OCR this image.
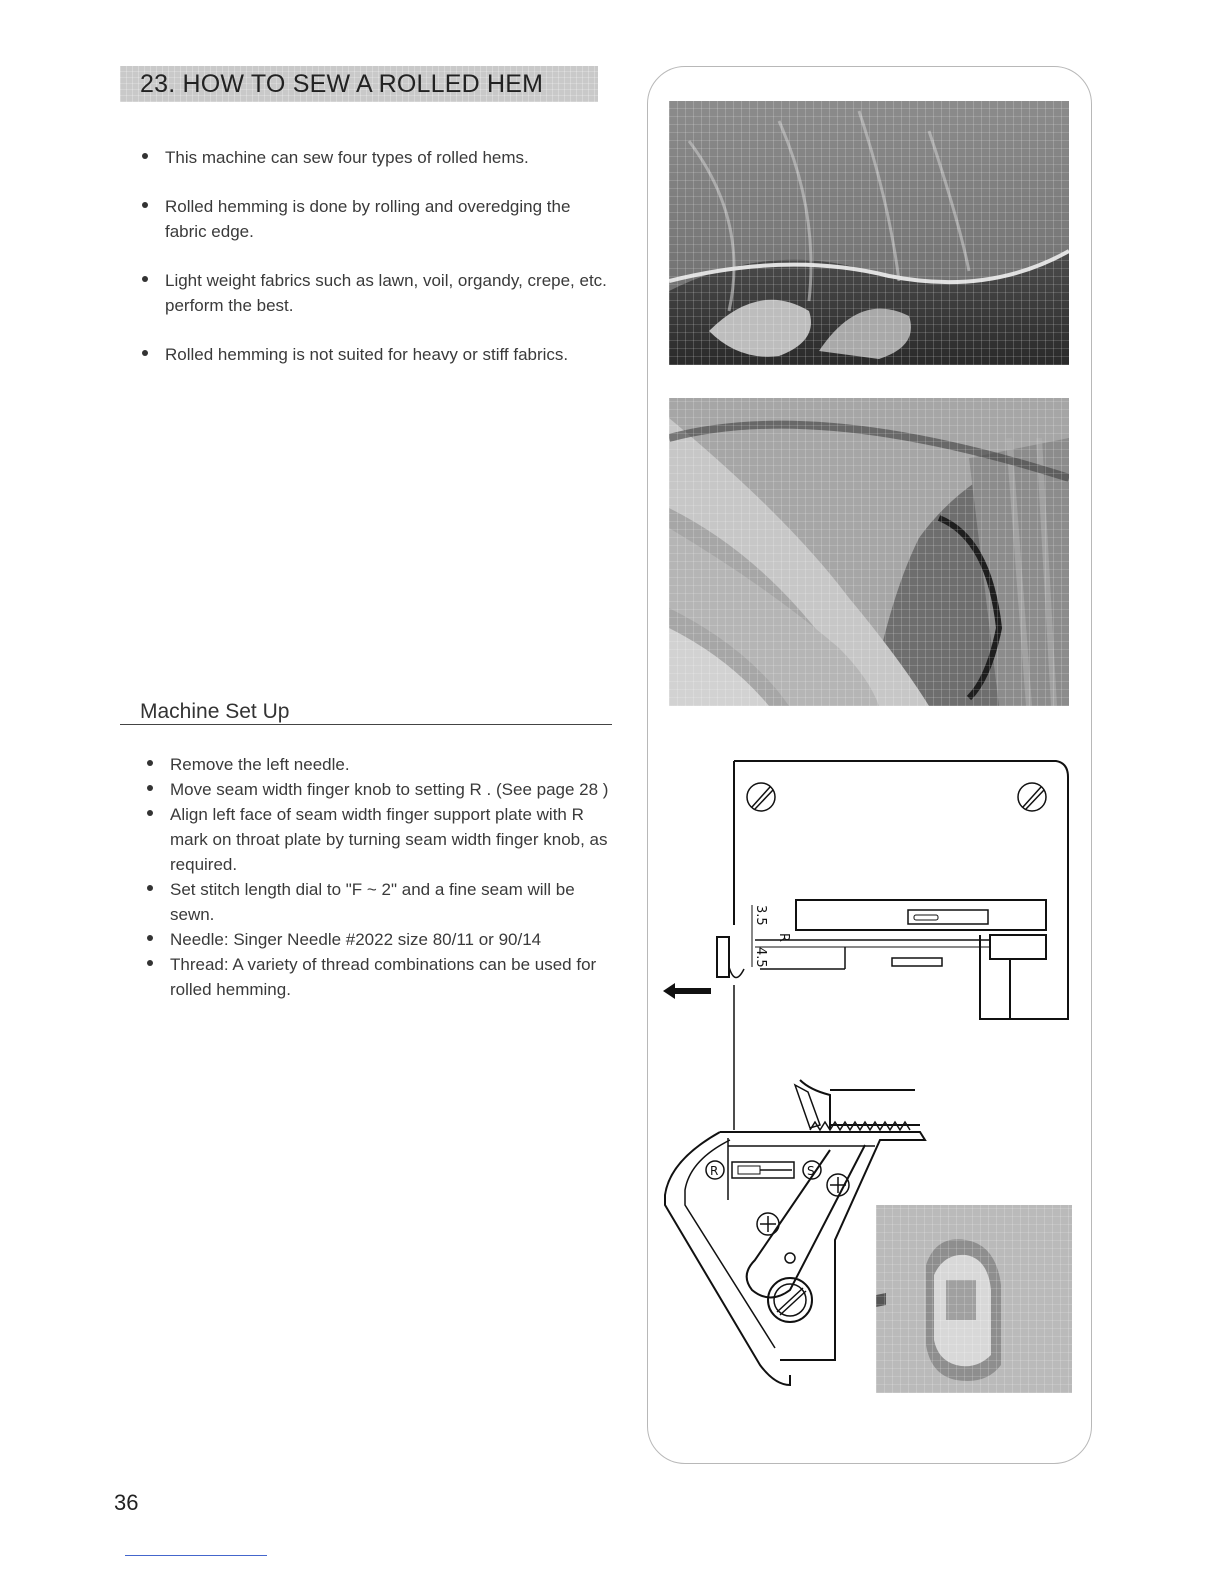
23. HOW TO SEW A ROLLED HEM
This machine can sew four types of rolled hems.
Rolled hemming is done by rolling and overedging the fabric edge.
Light weight fabrics such as lawn, voil, organdy, crepe, etc. perform the best.
Rolled hemming is not suited for heavy or stiff fabrics.
Machine Set Up
Remove the left needle.
Move seam width finger knob to setting R . (See page 28 )
Align left face of seam width finger support plate with R mark on throat plate by turning seam width finger knob, as required.
Set stitch length dial to "F ~ 2" and a fine seam will be sewn.
Needle: Singer Needle #2022 size 80/11 or 90/14
Thread: A variety of thread combinations can be used for rolled hemming.
3.5
4.5
R
R	S
36
